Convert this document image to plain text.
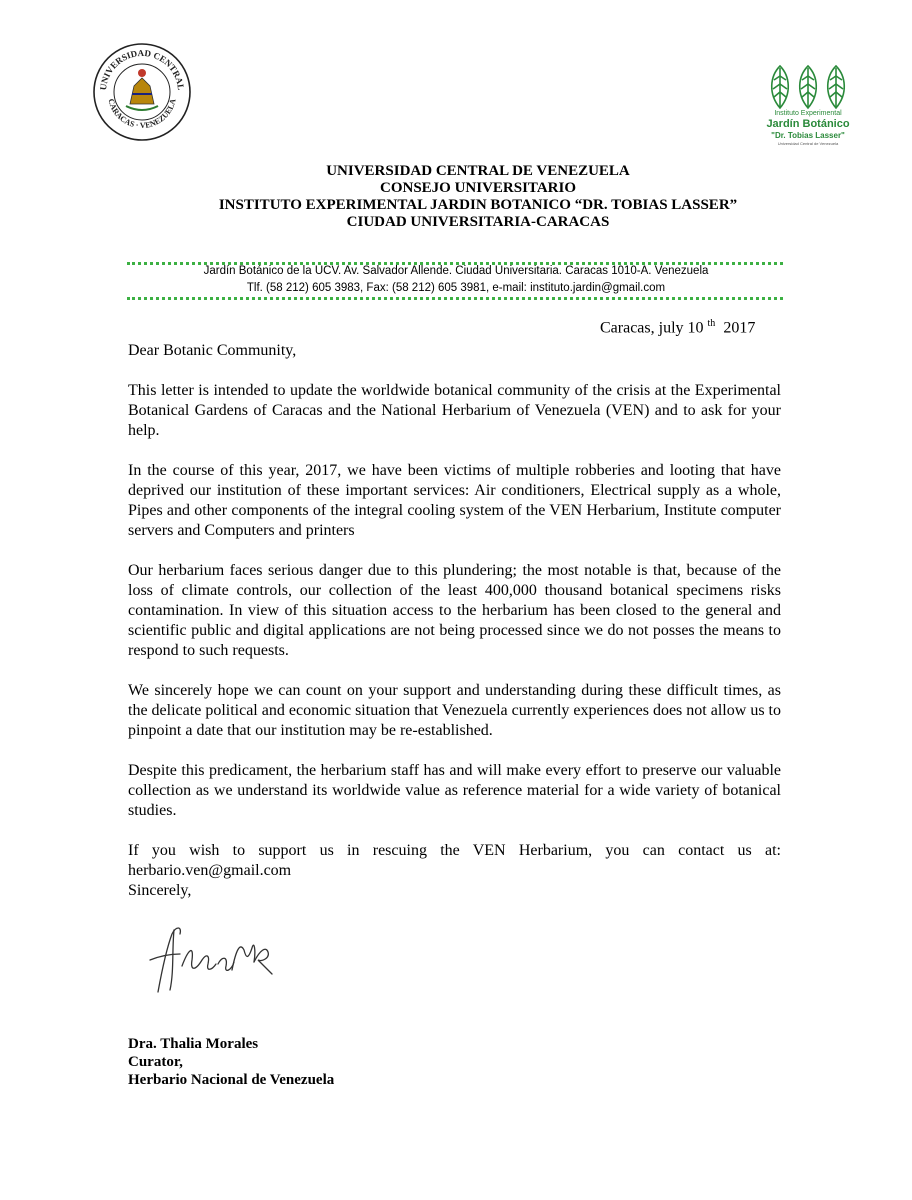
UNIVERSIDAD CENTRAL
CARACAS · VENEZUELA
Instituto Experimental
Jardín Botánico
"Dr. Tobias Lasser"
Universidad Central de Venezuela
UNIVERSIDAD CENTRAL DE VENEZUELA
CONSEJO UNIVERSITARIO
INSTITUTO EXPERIMENTAL JARDIN BOTANICO “DR. TOBIAS LASSER”
CIUDAD UNIVERSITARIA-CARACAS
Jardín Botánico de la UCV. Av. Salvador Allende. Ciudad Universitaria. Caracas 1010-A. Venezuela
Tlf. (58 212) 605 3983, Fax: (58 212) 605 3981, e-mail: instituto.jardin@gmail.com
Caracas, july 10 $^{th}$ 2017

Dear Botanic Community,

This letter is intended to update the worldwide botanical community of the crisis at the Experimental Botanical Gardens of Caracas and the National Herbarium of Venezuela (VEN) and to ask for your help.

In the course of this year, 2017, we have been victims of multiple robberies and looting that have deprived our institution of these important services: Air conditioners, Electrical supply as a whole, Pipes and other components of the integral cooling system of the VEN Herbarium, Institute computer servers and Computers and printers

Our herbarium faces serious danger due to this plundering; the most notable is that, because of the loss of climate controls, our collection of the least 400,000 thousand botanical specimens risks contamination. In view of this situation access to the herbarium has been closed to the general and scientific public and digital applications are not being processed since we do not posses the means to respond to such requests.

We sincerely hope we can count on your support and understanding during these difficult times, as the delicate political and economic situation that Venezuela currently experiences does not allow us to pinpoint a date that our institution may be re-established.

Despite this predicament, the herbarium staff has and will make every effort to preserve our valuable collection as we understand its worldwide value as reference material for a wide variety of botanical studies.

If you wish to support us in rescuing the VEN Herbarium, you can contact us at: herbario.ven@gmail.com

Sincerely,

Dra. Thalia Morales
Curator,
Herbario Nacional de Venezuela
